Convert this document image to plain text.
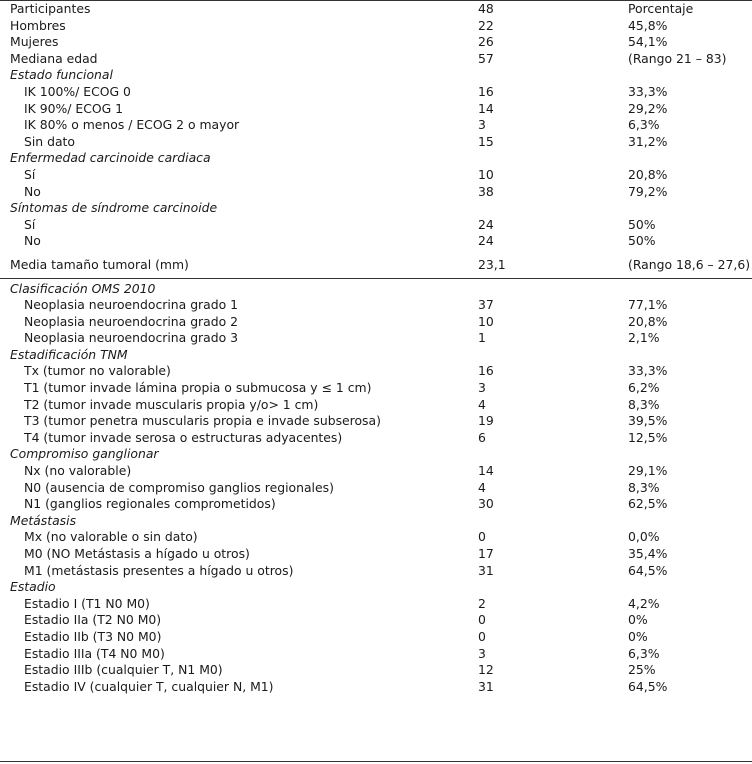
Participantes	48	Porcentaje
Hombres	22	45,8%
Mujeres	26	54,1%
Mediana edad	57	(Rango 21 – 83)
Estado funcional
IK 100%/ ECOG 0	16	33,3%
IK 90%/ ECOG 1	14	29,2%
IK 80% o menos / ECOG 2 o mayor	3	6,3%
Sin dato	15	31,2%
Enfermedad carcinoide cardiaca
Sí	10	20,8%
No	38	79,2%
Síntomas de síndrome carcinoide
Sí	24	50%
No	24	50%
Media tamaño tumoral (mm)	23,1	(Rango 18,6 – 27,6)
Clasificación OMS 2010
Neoplasia neuroendocrina grado 1	37	77,1%
Neoplasia neuroendocrina grado 2	10	20,8%
Neoplasia neuroendocrina grado 3	1	2,1%
Estadificación TNM
Tx (tumor no valorable)	16	33,3%
T1 (tumor invade lámina propia o submucosa y ≤ 1 cm)	3	6,2%
T2 (tumor invade muscularis propia y/o> 1 cm)	4	8,3%
T3 (tumor penetra muscularis propia e invade subserosa)	19	39,5%
T4 (tumor invade serosa o estructuras adyacentes)	6	12,5%
Compromiso ganglionar
Nx (no valorable)	14	29,1%
N0 (ausencia de compromiso ganglios regionales)	4	8,3%
N1 (ganglios regionales comprometidos)	30	62,5%
Metástasis
Mx (no valorable o sin dato)	0	0,0%
M0 (NO Metástasis a hígado u otros)	17	35,4%
M1 (metástasis presentes a hígado u otros)	31	64,5%
Estadio
Estadio I (T1 N0 M0)	2	4,2%
Estadio IIa (T2 N0 M0)	0	0%
Estadio IIb (T3 N0 M0)	0	0%
Estadio IIIa (T4 N0 M0)	3	6,3%
Estadio IIIb (cualquier T, N1 M0)	12	25%
Estadio IV (cualquier T, cualquier N, M1)	31	64,5%
